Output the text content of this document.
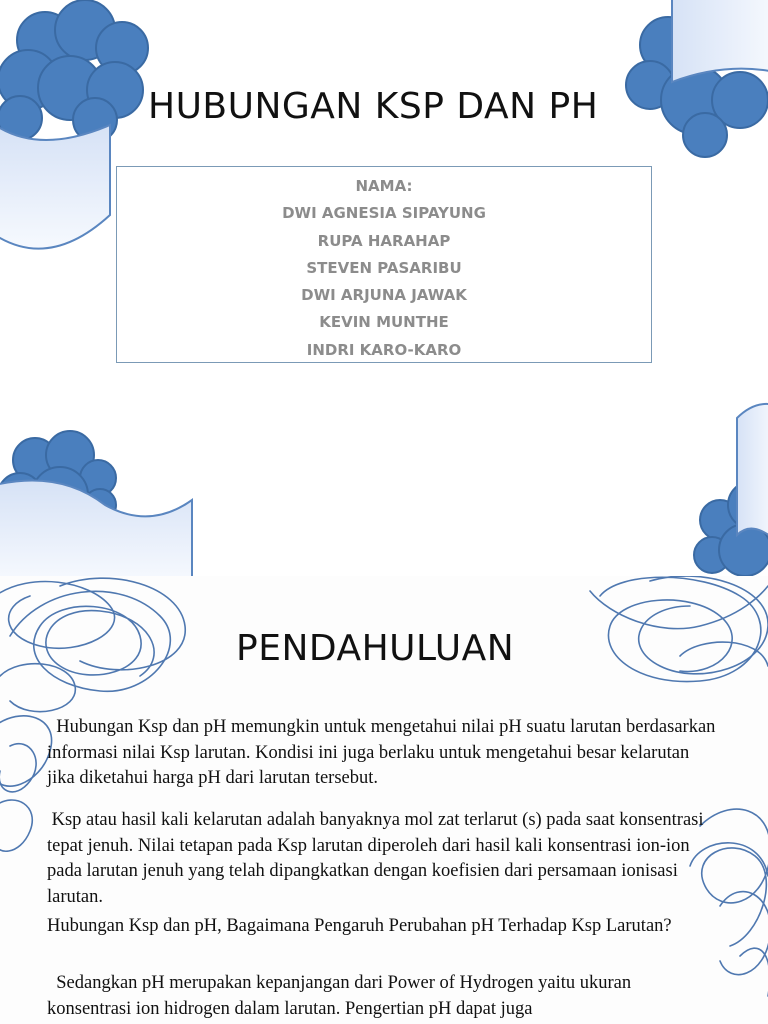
HUBUNGAN KSP DAN PH
NAMA:
DWI AGNESIA SIPAYUNG
RUPA HARAHAP
STEVEN PASARIBU
DWI ARJUNA JAWAK
KEVIN MUNTHE
INDRI KARO-KARO
PENDAHULUAN

Hubungan Ksp dan pH memungkin untuk mengetahui nilai pH suatu larutan berdasarkan informasi nilai Ksp larutan. Kondisi ini juga berlaku untuk mengetahui besar kelarutan jika diketahui harga pH dari larutan tersebut.

Ksp atau hasil kali kelarutan adalah banyaknya mol zat terlarut (s) pada saat konsentrasi tepat jenuh. Nilai tetapan pada Ksp larutan diperoleh dari hasil kali konsentrasi ion-ion pada larutan jenuh yang telah dipangkatkan dengan koefisien dari persamaan ionisasi larutan.

Hubungan Ksp dan pH, Bagaimana Pengaruh Perubahan pH Terhadap Ksp Larutan?

Sedangkan pH merupakan kepanjangan dari Power of Hydrogen yaitu ukuran konsentrasi ion hidrogen dalam larutan. Pengertian pH dapat juga
